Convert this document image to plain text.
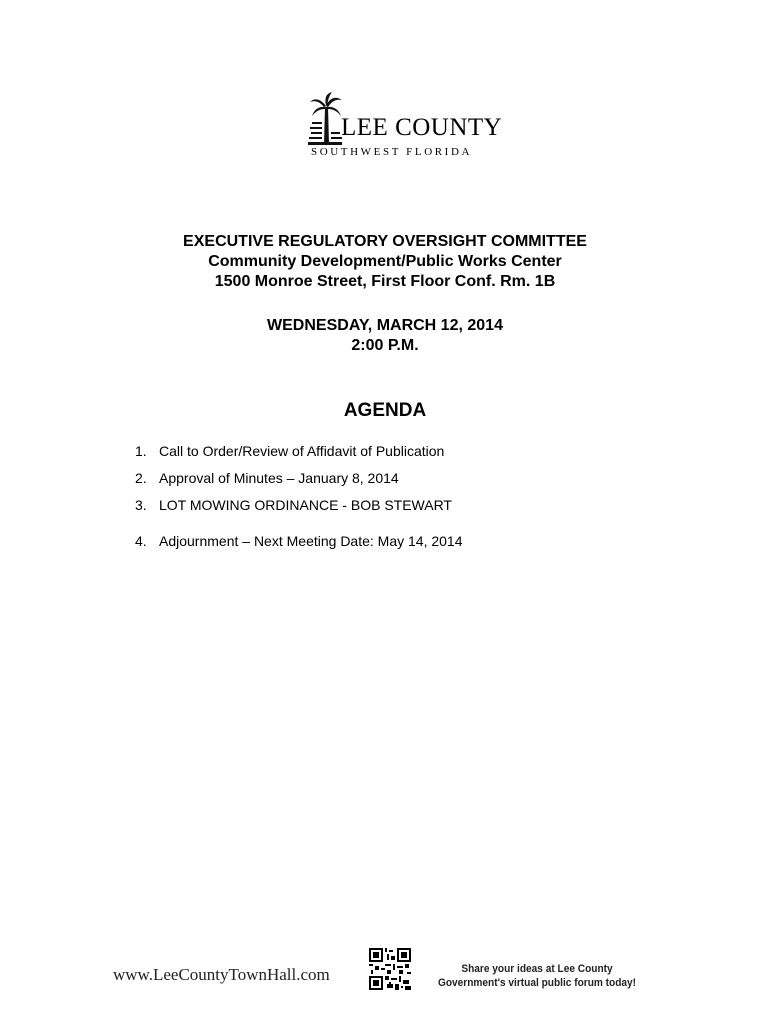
LEE COUNTY
SOUTHWEST FLORIDA
EXECUTIVE REGULATORY OVERSIGHT COMMITTEE
Community Development/Public Works Center
1500 Monroe Street, First Floor Conf. Rm. 1B
WEDNESDAY, MARCH 12, 2014
2:00 P.M.
AGENDA
1. Call to Order/Review of Affidavit of Publication
2. Approval of Minutes – January 8, 2014
3. LOT MOWING ORDINANCE - BOB STEWART
4. Adjournment – Next Meeting Date: May 14, 2014
www.LeeCountyTownHall.com	Share your ideas at Lee County
Government's virtual public forum today!
